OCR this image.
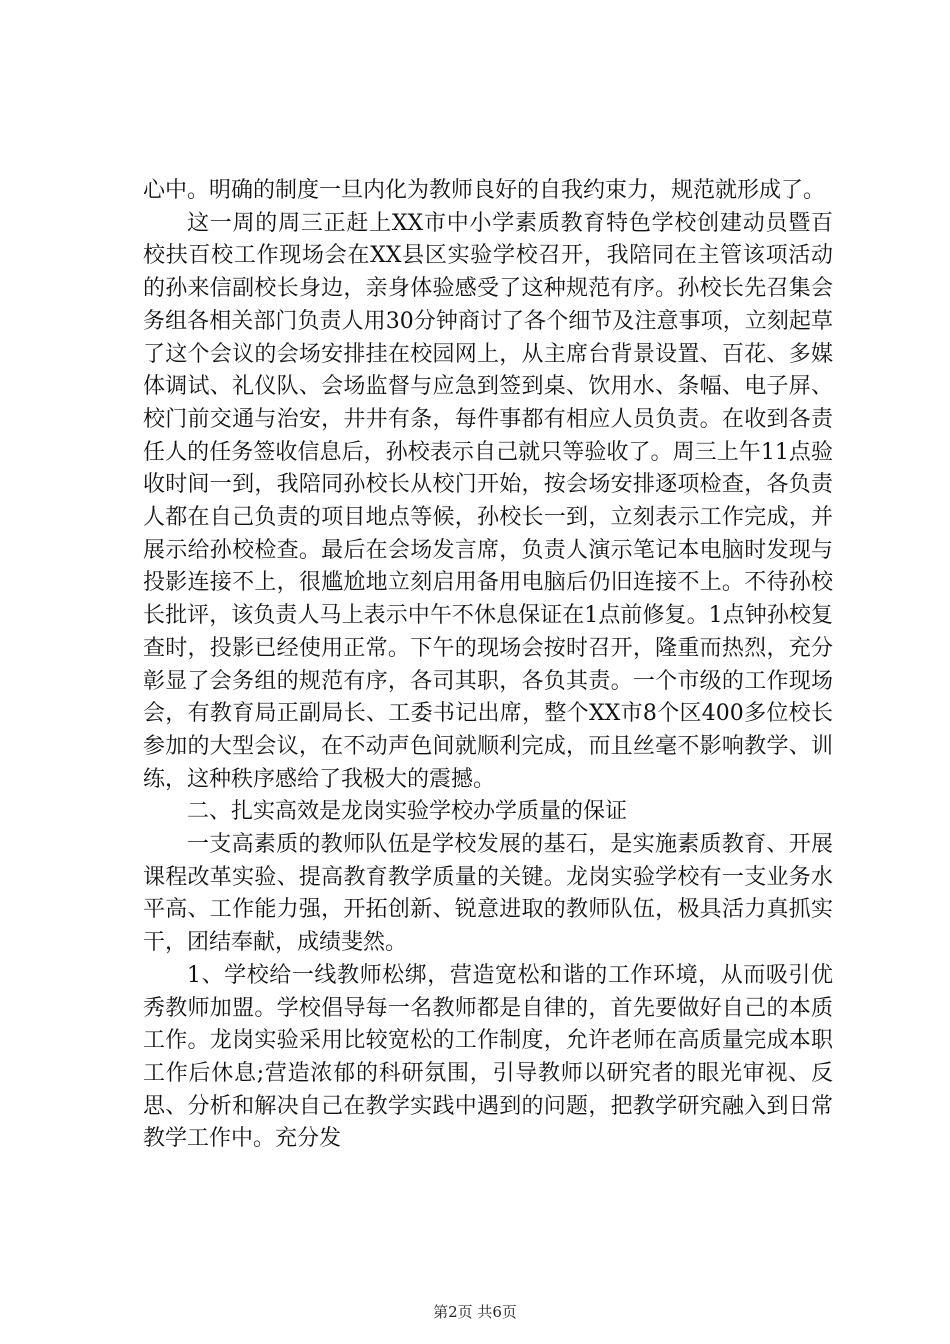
心中。明确的制度一旦内化为教师良好的自我约束力，规范就形成了。

这一周的周三正赶上XX市中小学素质教育特色学校创建动员暨百校扶百校工作现场会在XX县区实验学校召开，我陪同在主管该项活动的孙来信副校长身边，亲身体验感受了这种规范有序。孙校长先召集会务组各相关部门负责人用30分钟商讨了各个细节及注意事项，立刻起草了这个会议的会场安排挂在校园网上，从主席台背景设置、百花、多媒体调试、礼仪队、会场监督与应急到签到桌、饮用水、条幅、电子屏、校门前交通与治安，井井有条，每件事都有相应人员负责。在收到各责任人的任务签收信息后，孙校表示自己就只等验收了。周三上午11点验收时间一到，我陪同孙校长从校门开始，按会场安排逐项检查，各负责人都在自己负责的项目地点等候，孙校长一到，立刻表示工作完成，并展示给孙校检查。最后在会场发言席，负责人演示笔记本电脑时发现与投影连接不上，很尴尬地立刻启用备用电脑后仍旧连接不上。不待孙校长批评，该负责人马上表示中午不休息保证在1点前修复。1点钟孙校复查时，投影已经使用正常。下午的现场会按时召开，隆重而热烈，充分彰显了会务组的规范有序，各司其职，各负其责。一个市级的工作现场会，有教育局正副局长、工委书记出席，整个XX市8个区400多位校长参加的大型会议，在不动声色间就顺利完成，而且丝毫不影响教学、训练，这种秩序感给了我极大的震撼。

二、扎实高效是龙岗实验学校办学质量的保证

一支高素质的教师队伍是学校发展的基石，是实施素质教育、开展课程改革实验、提高教育教学质量的关键。龙岗实验学校有一支业务水平高、工作能力强，开拓创新、锐意进取的教师队伍，极具活力真抓实干，团结奉献，成绩斐然。

1、学校给一线教师松绑，营造宽松和谐的工作环境，从而吸引优秀教师加盟。学校倡导每一名教师都是自律的，首先要做好自己的本质工作。龙岗实验采用比较宽松的工作制度，允许老师在高质量完成本职工作后休息;营造浓郁的科研氛围，引导教师以研究者的眼光审视、反思、分析和解决自己在教学实践中遇到的问题，把教学研究融入到日常教学工作中。充分发

第2页 共6页
